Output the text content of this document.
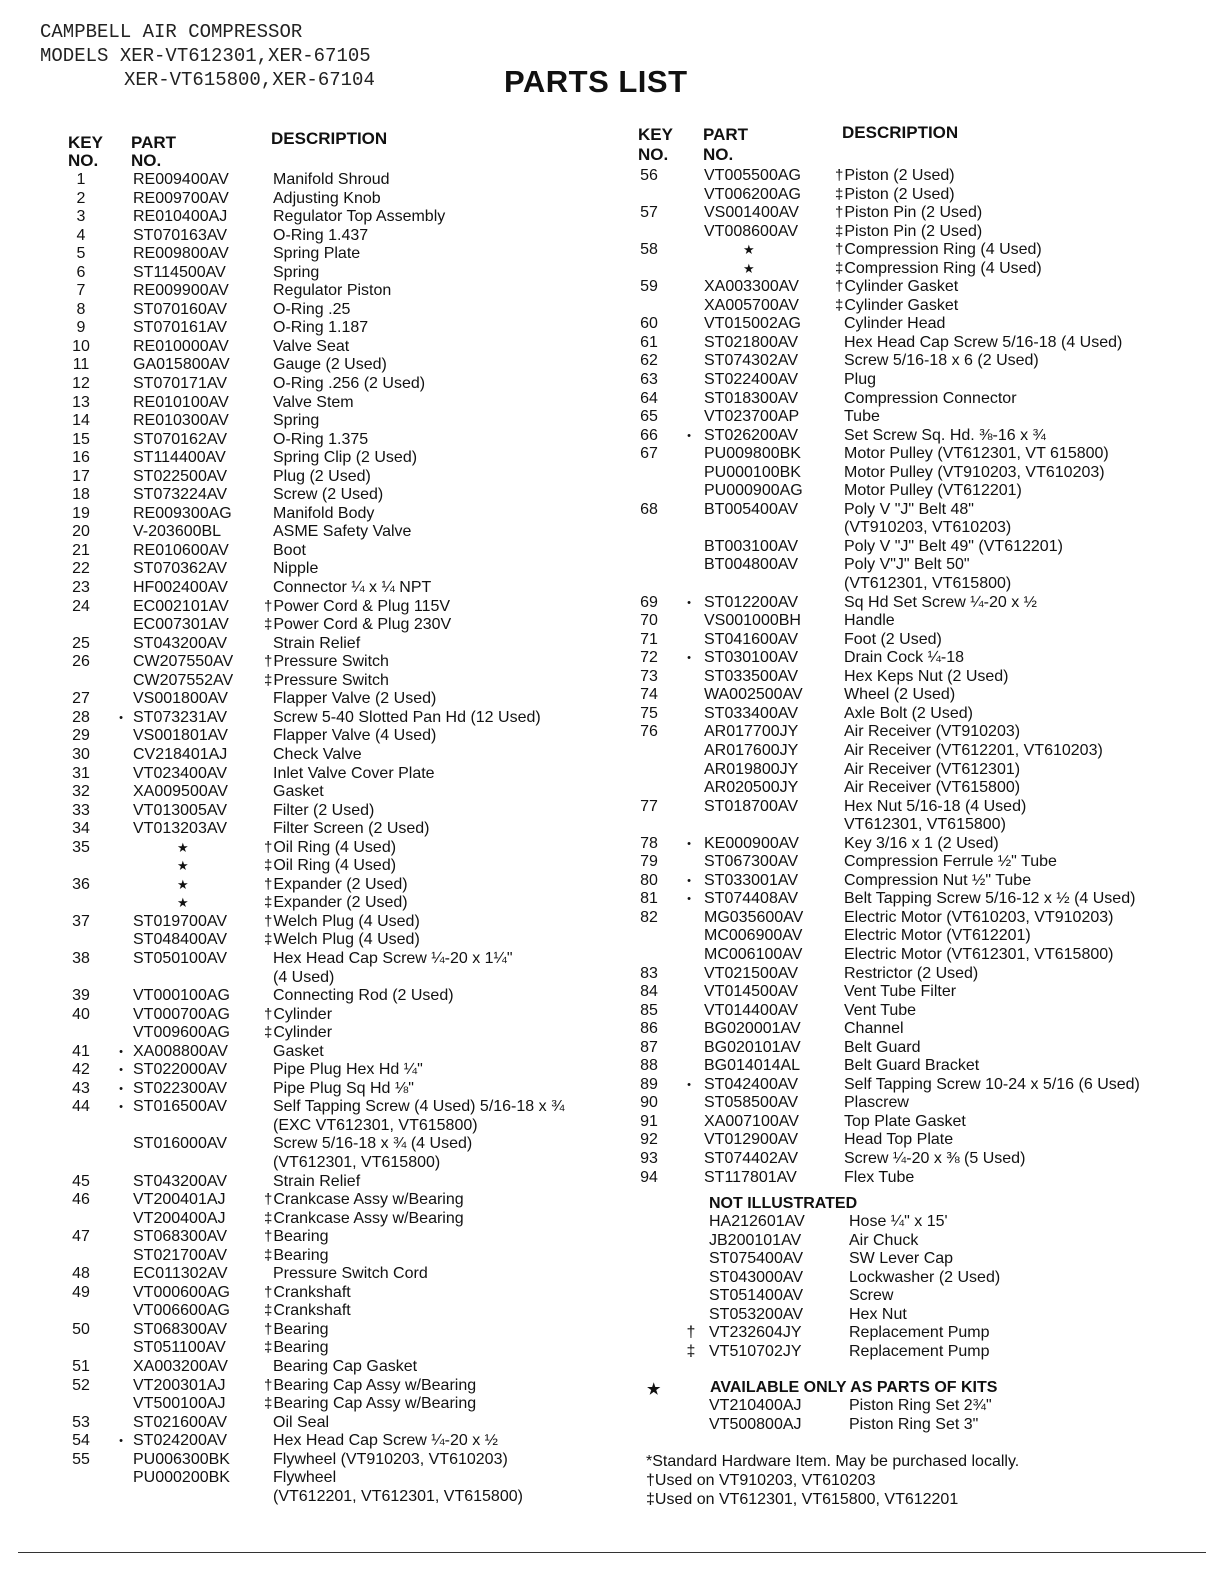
CAMPBELL AIR COMPRESSOR
MODELS XER-VT612301,XER-67105
XER-VT615800,XER-67104	PARTS LIST
KEY
NO.
PART
NO.
DESCRIPTION	KEY
NO.
PART
NO.
DESCRIPTION
1	RE009400AV	Manifold Shroud
2	RE009700AV	Adjusting Knob
3	RE010400AJ	Regulator Top Assembly
4	ST070163AV	O-Ring 1.437
5	RE009800AV	Spring Plate
6	ST114500AV	Spring
7	RE009900AV	Regulator Piston
8	ST070160AV	O-Ring .25
9	ST070161AV	O-Ring 1.187
10	RE010000AV	Valve Seat
11	GA015800AV	Gauge (2 Used)
12	ST070171AV	O-Ring .256 (2 Used)
13	RE010100AV	Valve Stem
14	RE010300AV	Spring
15	ST070162AV	O-Ring 1.375
16	ST114400AV	Spring Clip (2 Used)
17	ST022500AV	Plug (2 Used)
18	ST073224AV	Screw (2 Used)
19	RE009300AG	Manifold Body
20	V-203600BL	ASME Safety Valve
21	RE010600AV	Boot
22	ST070362AV	Nipple
23	HF002400AV	Connector ¼ x ¼ NPT
24	EC002101AV †Power Cord & Plug 115V
EC007301AV ‡Power Cord & Plug 230V
25	ST043200AV	Strain Relief
26	CW207550AV †Pressure Switch
CW207552AV ‡Pressure Switch
27	VS001800AV	Flapper Valve (2 Used)
28	• ST073231AV	Screw 5-40 Slotted Pan Hd (12 Used)
29	VS001801AV	Flapper Valve (4 Used)
30	CV218401AJ	Check Valve
31	VT023400AV	Inlet Valve Cover Plate
32	XA009500AV	Gasket
33	VT013005AV	Filter (2 Used)
34	VT013203AV	Filter Screen (2 Used)
35	★	†Oil Ring (4 Used)
★	‡Oil Ring (4 Used)
36	★	†Expander (2 Used)
★	‡Expander (2 Used)
37	ST019700AV †Welch Plug (4 Used)
ST048400AV ‡Welch Plug (4 Used)
38	ST050100AV	Hex Head Cap Screw ¼-20 x 1¼"
(4 Used)
39	VT000100AG	Connecting Rod (2 Used)
40	VT000700AG †Cylinder
VT009600AG ‡Cylinder
41	• XA008800AV	Gasket
42	• ST022000AV	Pipe Plug Hex Hd ¼"
43	• ST022300AV	Pipe Plug Sq Hd ⅛"
44	• ST016500AV	Self Tapping Screw (4 Used) 5/16-18 x ¾
(EXC VT612301, VT615800)
ST016000AV	Screw 5/16-18 x ¾ (4 Used)
(VT612301, VT615800)
45	ST043200AV	Strain Relief
46	VT200401AJ	†Crankcase Assy w/Bearing
VT200400AJ	‡Crankcase Assy w/Bearing
47	ST068300AV †Bearing
ST021700AV ‡Bearing
48	EC011302AV	Pressure Switch Cord
49	VT000600AG †Crankshaft
VT006600AG ‡Crankshaft
50	ST068300AV †Bearing
ST051100AV	‡Bearing
51	XA003200AV	Bearing Cap Gasket
52	VT200301AJ	†Bearing Cap Assy w/Bearing
VT500100AJ	‡Bearing Cap Assy w/Bearing
53	ST021600AV	Oil Seal
54	• ST024200AV	Hex Head Cap Screw ¼-20 x ½
55	PU006300BK	Flywheel (VT910203, VT610203)
PU000200BK	Flywheel
(VT612201, VT612301, VT615800)
56	VT005500AG †Piston (2 Used)
VT006200AG ‡Piston (2 Used)
57	VS001400AV †Piston Pin (2 Used)
VT008600AV ‡Piston Pin (2 Used)
58	★	†Compression Ring (4 Used)
★	‡Compression Ring (4 Used)
59	XA003300AV †Cylinder Gasket
XA005700AV ‡Cylinder Gasket
60	VT015002AG	Cylinder Head
61	ST021800AV	Hex Head Cap Screw 5/16-18 (4 Used)
62	ST074302AV	Screw 5/16-18 x 6 (2 Used)
63	ST022400AV	Plug
64	ST018300AV	Compression Connector
65	VT023700AP	Tube
66	• ST026200AV	Set Screw Sq. Hd. ⅜-16 x ¾
67	PU009800BK	Motor Pulley (VT612301, VT 615800)
PU000100BK	Motor Pulley (VT910203, VT610203)
PU000900AG	Motor Pulley (VT612201)
68	BT005400AV	Poly V "J" Belt 48"
(VT910203, VT610203)
BT003100AV	Poly V "J" Belt 49" (VT612201)
BT004800AV	Poly V"J" Belt 50"
(VT612301, VT615800)
69	• ST012200AV	Sq Hd Set Screw ¼-20 x ½
70	VS001000BH	Handle
71	ST041600AV	Foot (2 Used)
72	• ST030100AV	Drain Cock ¼-18
73	ST033500AV	Hex Keps Nut (2 Used)
74	WA002500AV	Wheel (2 Used)
75	ST033400AV	Axle Bolt (2 Used)
76	AR017700JY	Air Receiver (VT910203)
AR017600JY	Air Receiver (VT612201, VT610203)
AR019800JY	Air Receiver (VT612301)
AR020500JY	Air Receiver (VT615800)
77	ST018700AV	Hex Nut 5/16-18 (4 Used)
VT612301, VT615800)
78	• KE000900AV	Key 3/16 x 1 (2 Used)
79	ST067300AV	Compression Ferrule ½" Tube
80	• ST033001AV	Compression Nut ½" Tube
81	• ST074408AV	Belt Tapping Screw 5/16-12 x ½ (4 Used)
82	MG035600AV	Electric Motor (VT610203, VT910203)
MC006900AV	Electric Motor (VT612201)
MC006100AV	Electric Motor (VT612301, VT615800)
83	VT021500AV	Restrictor (2 Used)
84	VT014500AV	Vent Tube Filter
85	VT014400AV	Vent Tube
86	BG020001AV	Channel
87	BG020101AV	Belt Guard
88	BG014014AL	Belt Guard Bracket
89	• ST042400AV	Self Tapping Screw 10-24 x 5/16 (6 Used)
90	ST058500AV	Plascrew
91	XA007100AV	Top Plate Gasket
92	VT012900AV	Head Top Plate
93	ST074402AV	Screw ¼-20 x ⅜ (5 Used)
94	ST117801AV	Flex Tube
NOT ILLUSTRATED
HA212601AV	Hose ¼" x 15'
JB200101AV	Air Chuck
ST075400AV	SW Lever Cap
ST043000AV	Lockwasher (2 Used)
ST051400AV	Screw
ST053200AV	Hex Nut
† VT232604JY	Replacement Pump
‡ VT510702JY	Replacement Pump
★	AVAILABLE ONLY AS PARTS OF KITS
VT210400AJ	Piston Ring Set 2¾"
VT500800AJ	Piston Ring Set 3"
*Standard Hardware Item. May be purchased locally.
†Used on VT910203, VT610203
‡Used on VT612301, VT615800, VT612201
